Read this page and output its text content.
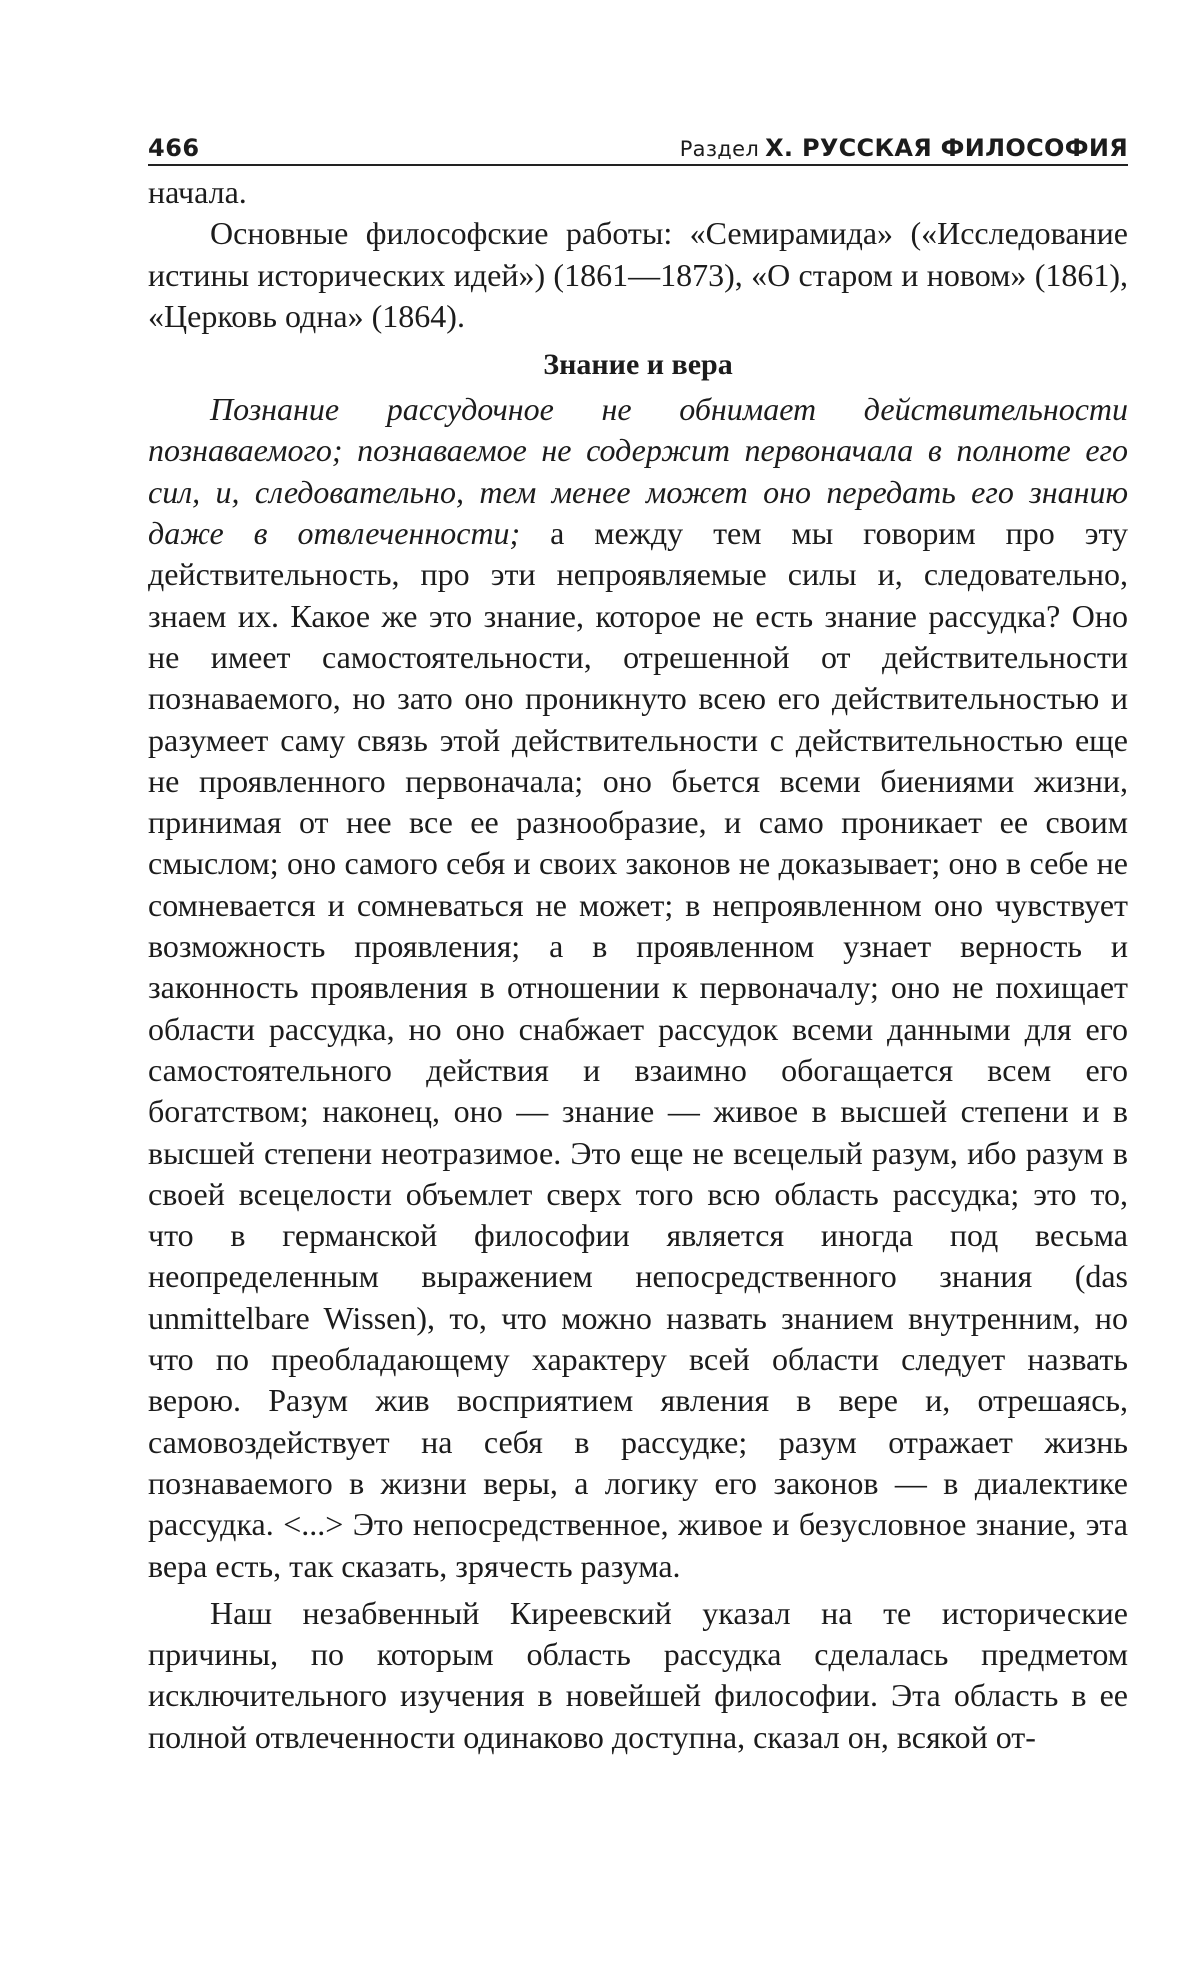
466	Раздел X. РУССКАЯ ФИЛОСОФИЯ

начала.

Основные философские работы: «Семирамида» («Исследование истины исторических идей») (1861—1873), «О старом и новом» (1861), «Церковь одна» (1864).

Знание и вера

Познание рассудочное не обнимает действительности познаваемого; познаваемое не содержит первоначала в полноте его сил, и, следовательно, тем менее может оно передать его знанию даже в отвлеченности; а между тем мы говорим про эту действительность, про эти непроявляемые силы и, следовательно, знаем их. Какое же это знание, которое не есть знание рассудка? Оно не имеет самостоятельности, отрешенной от действительности познаваемого, но зато оно проникнуто всею его действительностью и разумеет саму связь этой действительности с действительностью еще не проявленного первоначала; оно бьется всеми биениями жизни, принимая от нее все ее разнообразие, и само проникает ее своим смыслом; оно самого себя и своих законов не доказывает; оно в себе не сомневается и сомневаться не может; в непроявленном оно чувствует возможность проявления; а в проявленном узнает верность и законность проявления в отношении к первоначалу; оно не похищает области рассудка, но оно снабжает рассудок всеми данными для его самостоятельного действия и взаимно обогащается всем его богатством; наконец, оно — знание — живое в высшей степени и в высшей степени неотразимое. Это еще не всецелый разум, ибо разум в своей всецелости объемлет сверх того всю область рассудка; это то, что в германской философии является иногда под весьма неопределенным выражением непосредственного знания (das unmittelbare Wissen), то, что можно назвать знанием внутренним, но что по преобладающему характеру всей области следует назвать верою. Разум жив восприятием явления в вере и, отрешаясь, самовоздействует на себя в рассудке; разум отражает жизнь познаваемого в жизни веры, а логику его законов — в диалектике рассудка. <...> Это непосредственное, живое и безусловное знание, эта вера есть, так сказать, зрячесть разума.

Наш незабвенный Киреевский указал на те исторические причины, по которым область рассудка сделалась предметом исключительного изучения в новейшей философии. Эта область в ее полной отвлеченности одинаково доступна, сказал он, всякой от-
